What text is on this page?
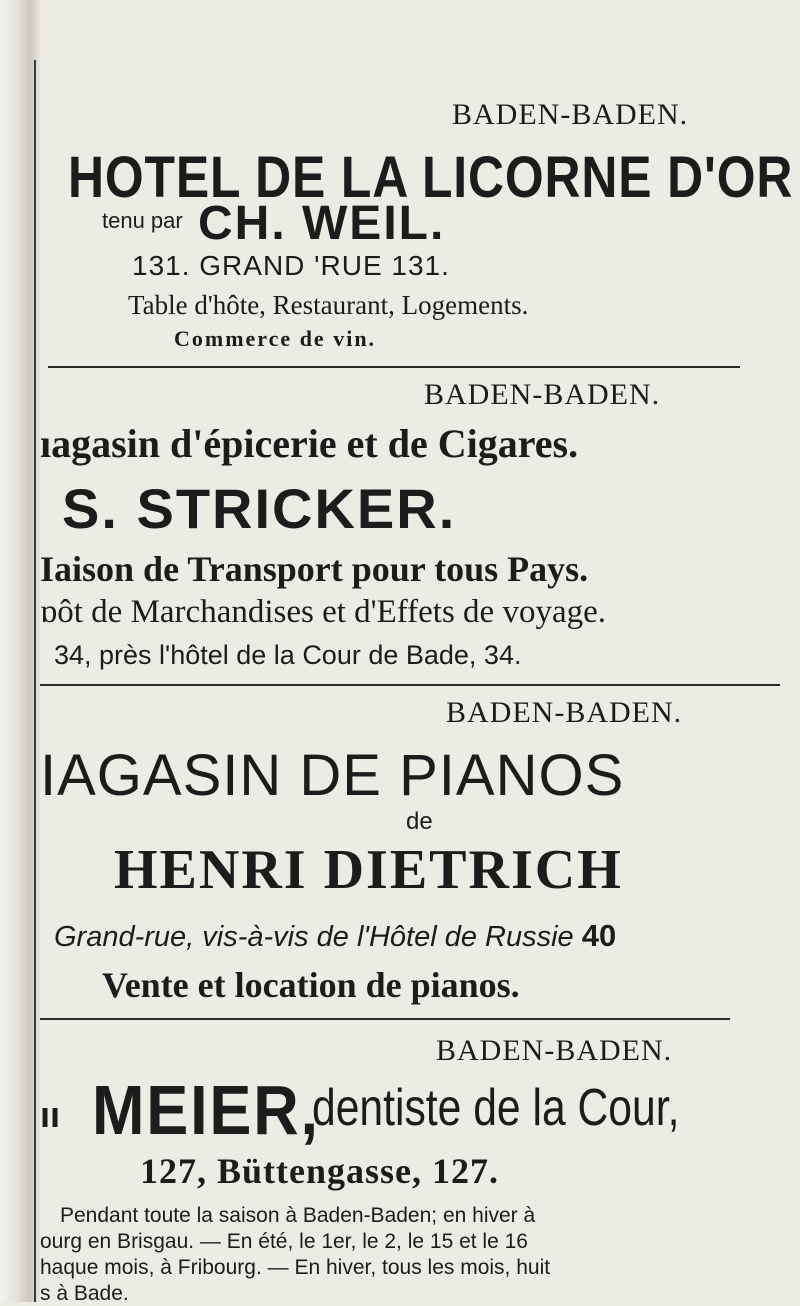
BADEN-BADEN.
HOTEL DE LA LICORNE D'OR
tenu par CH. WEIL.
131. GRAND 'RUE 131.
Table d'hôte, Restaurant, Logements.
Commerce de vin.
BADEN-BADEN.
ıagasin d'épicerie et de Cigares.
S. STRICKER.
Iaison de Transport pour tous Pays.
ɒôt de Marchandises et d'Effets de voyage.
34, près l'hôtel de la Cour de Bade, 34.
BADEN-BADEN.
IAGASIN DE PIANOS
de
HENRI DIETRICH
Grand-rue, vis-à-vis de l'Hôtel de Russie 40
Vente et location de pianos.
BADEN-BADEN.
ıı MEIER,
dentiste de la Cour,
127, Büttengasse, 127.
Pendant toute la saison à Baden-Baden; en hiver à
ourg en Brisgau. — En été, le 1er, le 2, le 15 et le 16
haque mois, à Fribourg. — En hiver, tous les mois, huit
s à Bade.
